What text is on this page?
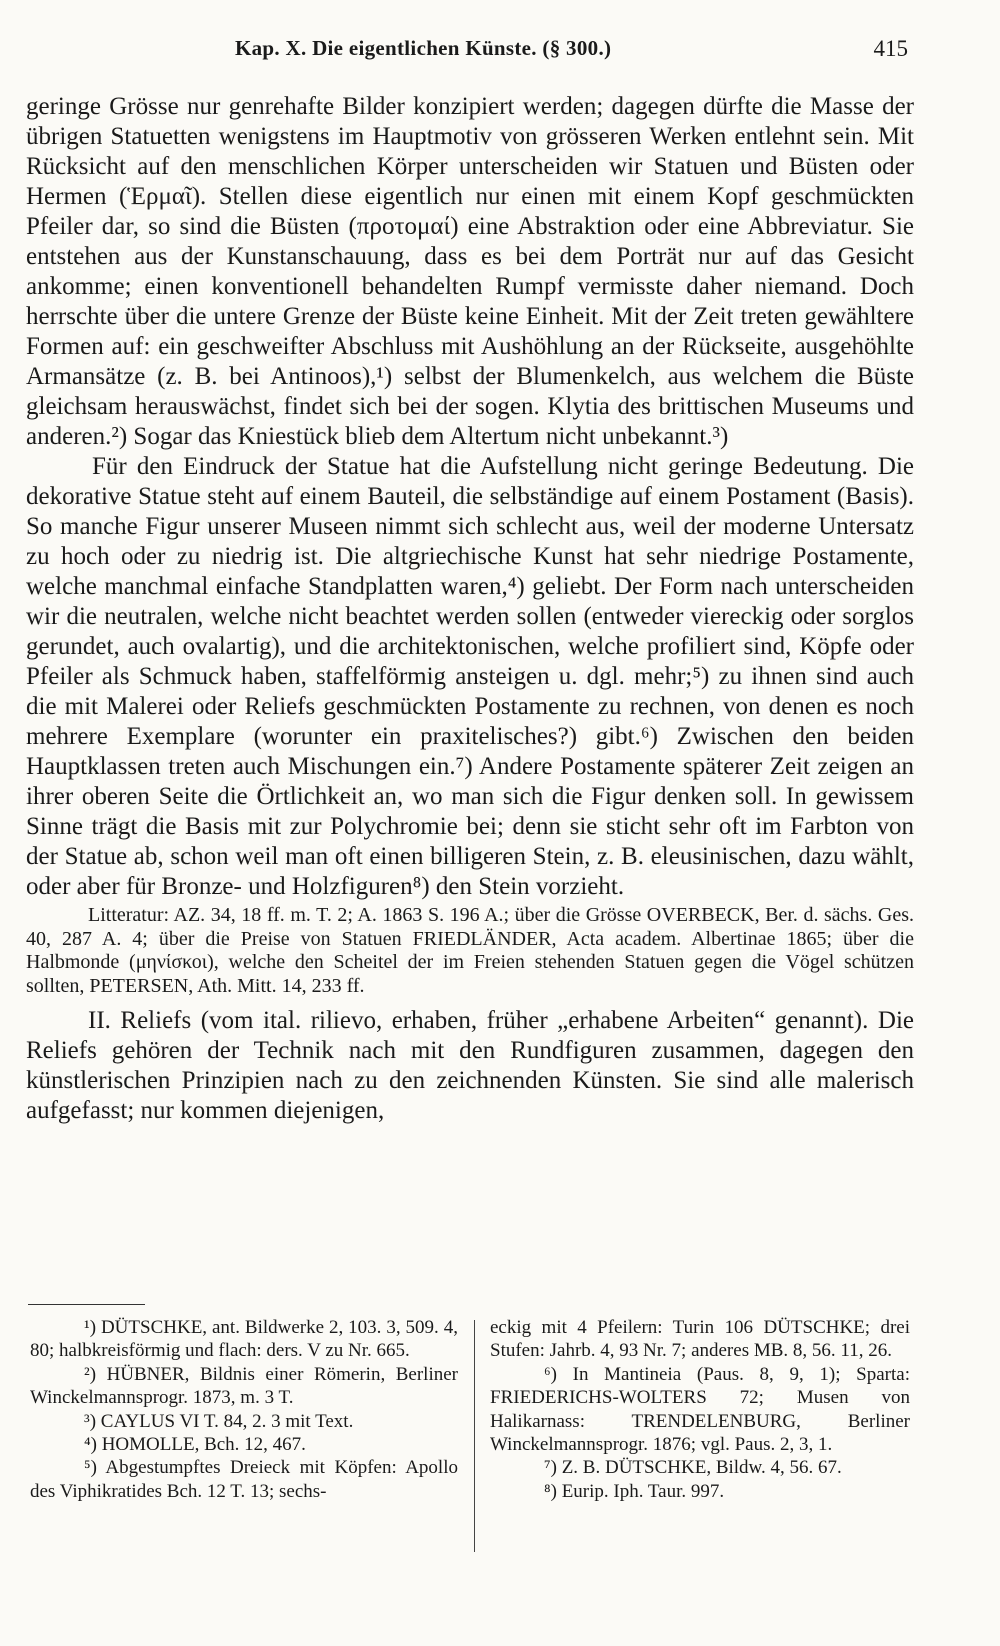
Kap. X. Die eigentlichen Künste. (§ 300.)	415

geringe Grösse nur genrehafte Bilder konzipiert werden; dagegen dürfte die Masse der übrigen Statuetten wenigstens im Hauptmotiv von grösseren Werken entlehnt sein. Mit Rücksicht auf den menschlichen Körper unterscheiden wir Statuen und Büsten oder Hermen (Ἑρμαῖ). Stellen diese eigentlich nur einen mit einem Kopf geschmückten Pfeiler dar, so sind die Büsten (προτομαί) eine Abstraktion oder eine Abbreviatur. Sie entstehen aus der Kunstanschauung, dass es bei dem Porträt nur auf das Gesicht ankomme; einen konventionell behandelten Rumpf vermisste daher niemand. Doch herrschte über die untere Grenze der Büste keine Einheit. Mit der Zeit treten gewähltere Formen auf: ein geschweifter Abschluss mit Aushöhlung an der Rückseite, ausgehöhlte Armansätze (z. B. bei Antinoos),¹) selbst der Blumenkelch, aus welchem die Büste gleichsam herauswächst, findet sich bei der sogen. Klytia des brittischen Museums und anderen.²) Sogar das Kniestück blieb dem Altertum nicht unbekannt.³)

Für den Eindruck der Statue hat die Aufstellung nicht geringe Bedeutung. Die dekorative Statue steht auf einem Bauteil, die selbständige auf einem Postament (Basis). So manche Figur unserer Museen nimmt sich schlecht aus, weil der moderne Untersatz zu hoch oder zu niedrig ist. Die altgriechische Kunst hat sehr niedrige Postamente, welche manchmal einfache Standplatten waren,⁴) geliebt. Der Form nach unterscheiden wir die neutralen, welche nicht beachtet werden sollen (entweder viereckig oder sorglos gerundet, auch ovalartig), und die architektonischen, welche profiliert sind, Köpfe oder Pfeiler als Schmuck haben, staffelförmig ansteigen u. dgl. mehr;⁵) zu ihnen sind auch die mit Malerei oder Reliefs geschmückten Postamente zu rechnen, von denen es noch mehrere Exemplare (worunter ein praxitelisches?) gibt.⁶) Zwischen den beiden Hauptklassen treten auch Mischungen ein.⁷) Andere Postamente späterer Zeit zeigen an ihrer oberen Seite die Örtlichkeit an, wo man sich die Figur denken soll. In gewissem Sinne trägt die Basis mit zur Polychromie bei; denn sie sticht sehr oft im Farbton von der Statue ab, schon weil man oft einen billigeren Stein, z. B. eleusinischen, dazu wählt, oder aber für Bronze- und Holzfiguren⁸) den Stein vorzieht.

Litteratur: AZ. 34, 18 ff. m. T. 2; A. 1863 S. 196 A.; über die Grösse OVERBECK, Ber. d. sächs. Ges. 40, 287 A. 4; über die Preise von Statuen FRIEDLÄNDER, Acta academ. Albertinae 1865; über die Halbmonde (μηνίσκοι), welche den Scheitel der im Freien stehenden Statuen gegen die Vögel schützen sollten, PETERSEN, Ath. Mitt. 14, 233 ff.

II. Reliefs (vom ital. rilievo, erhaben, früher „erhabene Arbeiten“ genannt). Die Reliefs gehören der Technik nach mit den Rundfiguren zusammen, dagegen den künstlerischen Prinzipien nach zu den zeichnenden Künsten. Sie sind alle malerisch aufgefasst; nur kommen diejenigen,

¹) DÜTSCHKE, ant. Bildwerke 2, 103. 3, 509. 4, 80; halbkreisförmig und flach: ders. V zu Nr. 665.

²) HÜBNER, Bildnis einer Römerin, Berliner Winckelmannsprogr. 1873, m. 3 T.

³) CAYLUS VI T. 84, 2. 3 mit Text.

⁴) HOMOLLE, Bch. 12, 467.

⁵) Abgestumpftes Dreieck mit Köpfen: Apollo des Viphikratides Bch. 12 T. 13; sechs-

eckig mit 4 Pfeilern: Turin 106 DÜTSCHKE; drei Stufen: Jahrb. 4, 93 Nr. 7; anderes MB. 8, 56. 11, 26.

⁶) In Mantineia (Paus. 8, 9, 1); Sparta: FRIEDERICHS-WOLTERS 72; Musen von Halikarnass: TRENDELENBURG, Berliner Winckelmannsprogr. 1876; vgl. Paus. 2, 3, 1.

⁷) Z. B. DÜTSCHKE, Bildw. 4, 56. 67.

⁸) Eurip. Iph. Taur. 997.
